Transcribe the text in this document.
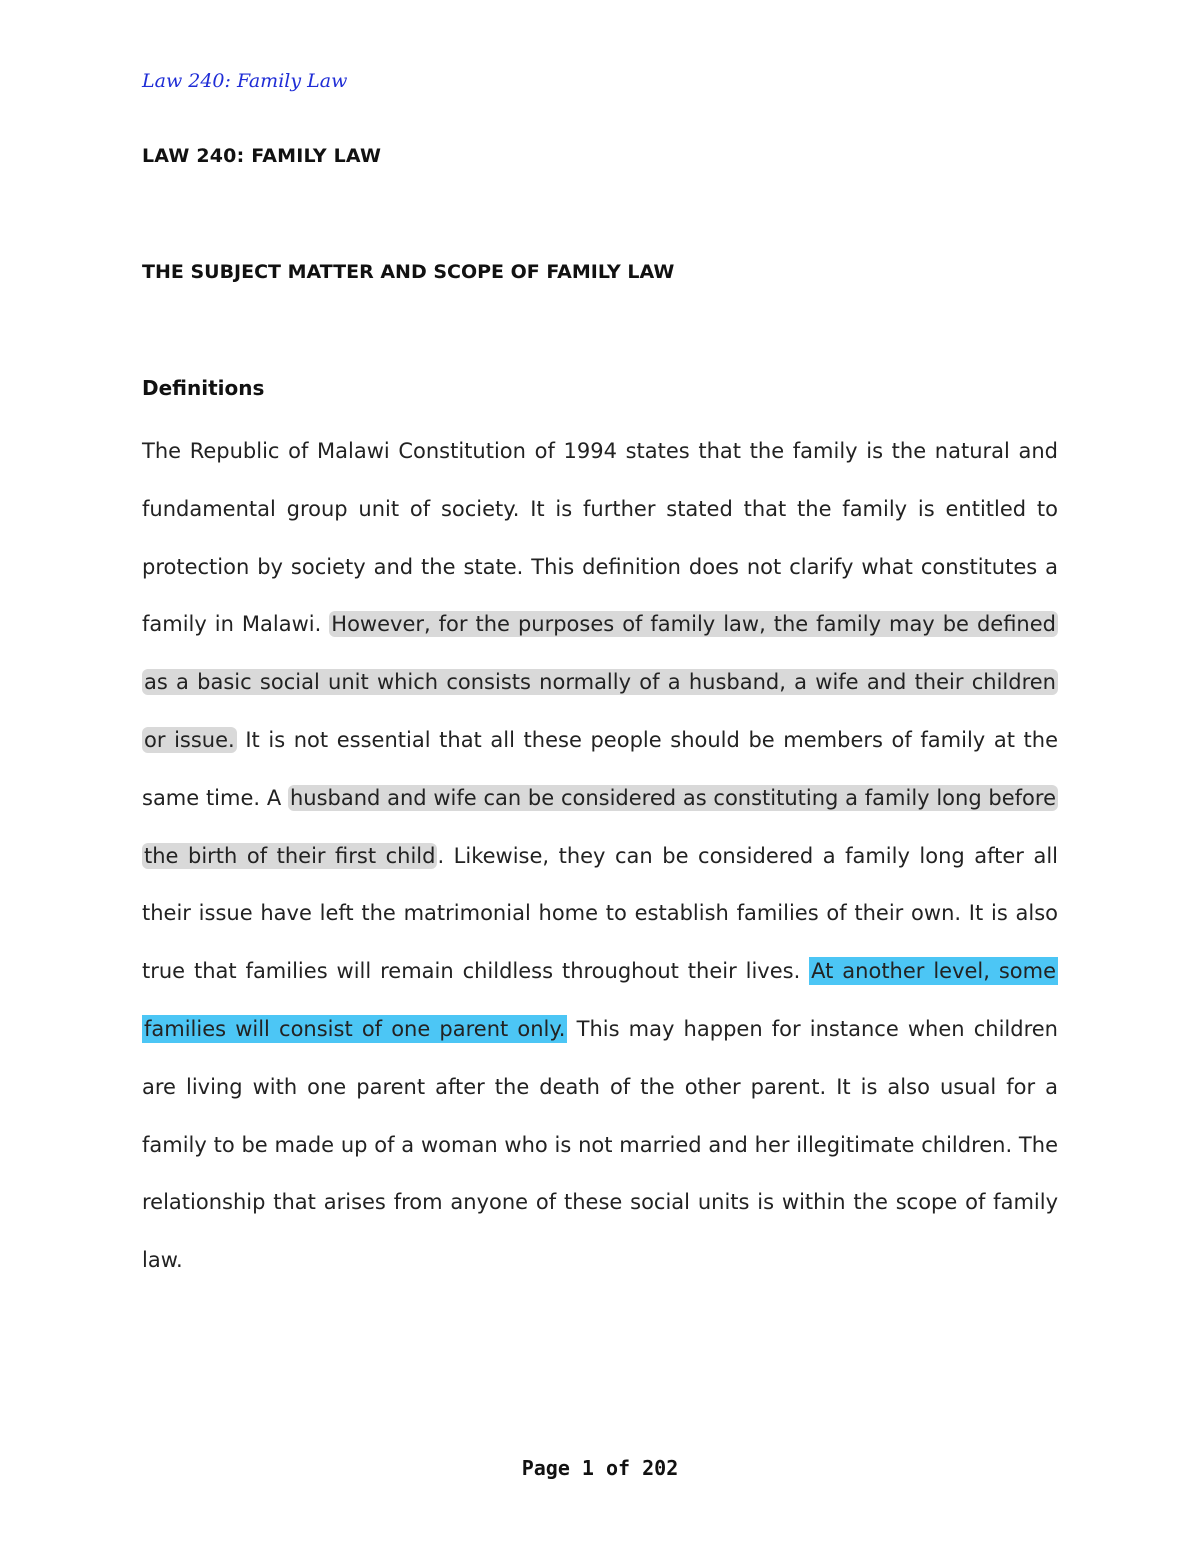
Law 240: Family Law
LAW 240: FAMILY LAW
THE SUBJECT MATTER AND SCOPE OF FAMILY LAW
Definitions

The Republic of Malawi Constitution of 1994 states that the family is the natural and fundamental group unit of society. It is further stated that the family is entitled to protection by society and the state. This definition does not clarify what constitutes a family in Malawi. However, for the purposes of family law, the family may be defined as a basic social unit which consists normally of a husband, a wife and their children or issue. It is not essential that all these people should be members of family at the same time. A husband and wife can be considered as constituting a family long before the birth of their first child. Likewise, they can be considered a family long after all their issue have left the matrimonial home to establish families of their own. It is also true that families will remain childless throughout their lives. At another level, some families will consist of one parent only. This may happen for instance when children are living with one parent after the death of the other parent. It is also usual for a family to be made up of a woman who is not married and her illegitimate children. The relationship that arises from anyone of these social units is within the scope of family law.

Page 1 of 202
